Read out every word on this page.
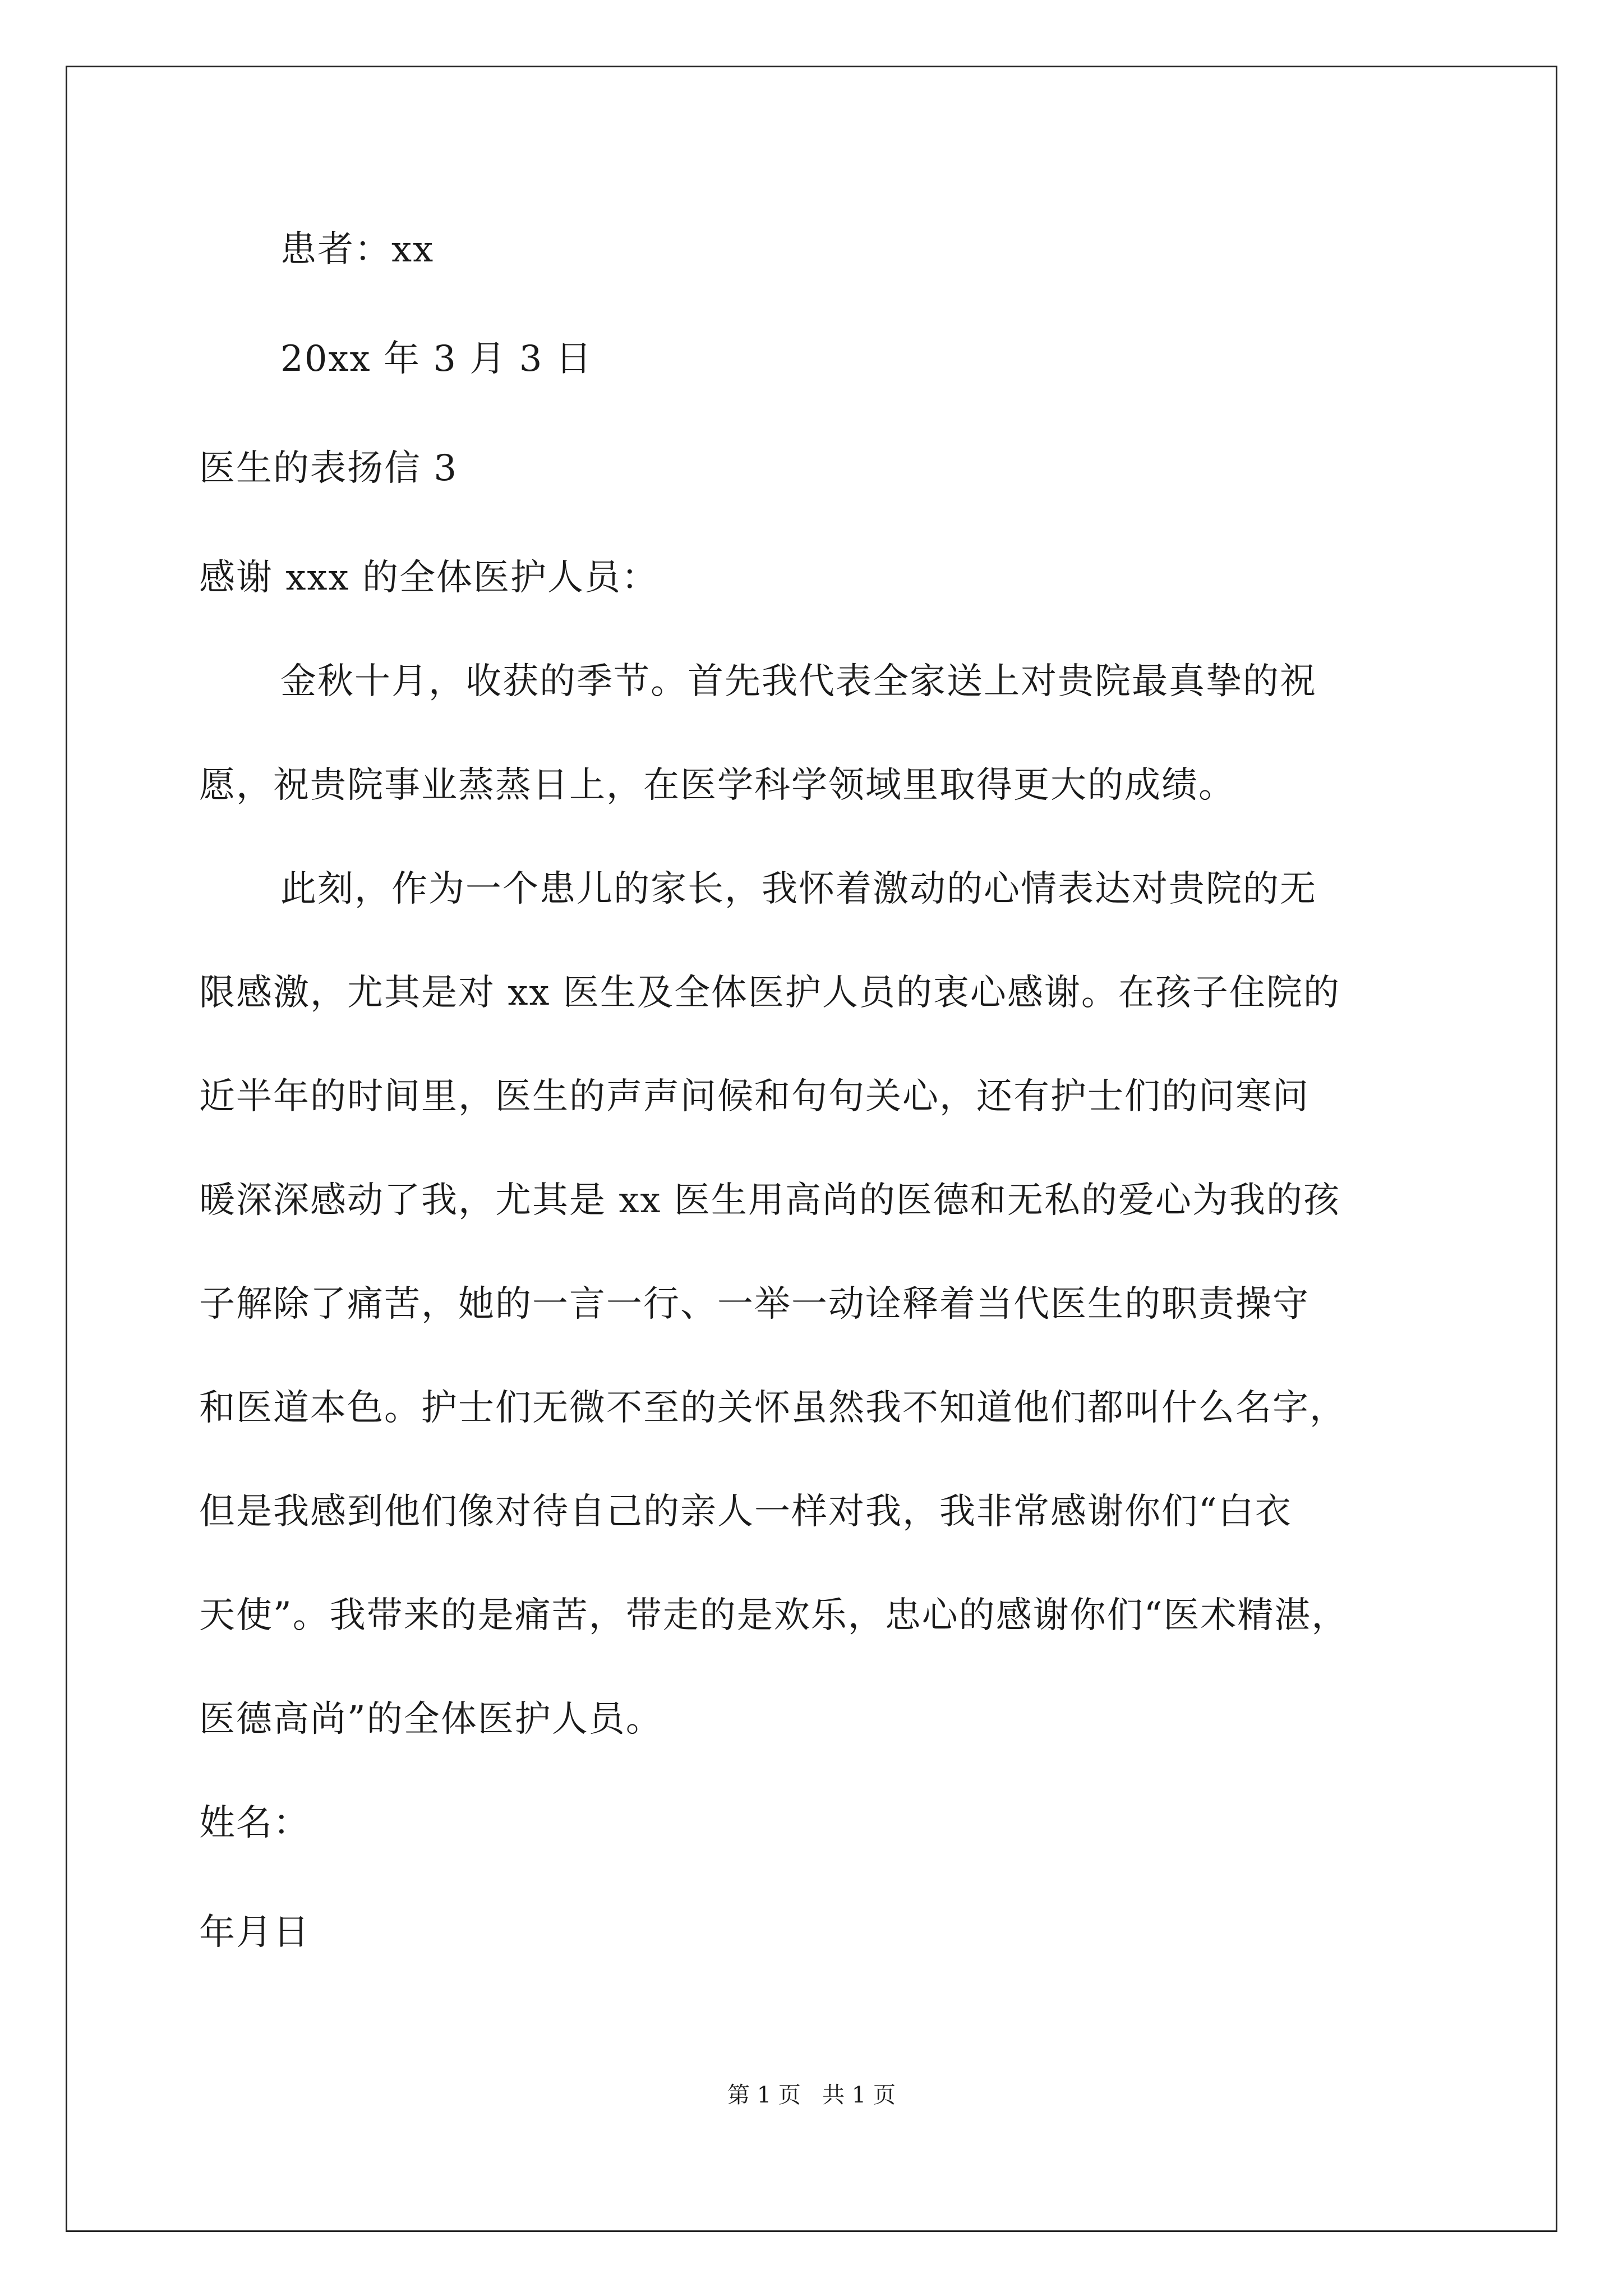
患者：xx
20xx 年 3 月 3 日
医生的表扬信 3
感谢 xxx 的全体医护人员：
金秋十月，收获的季节。首先我代表全家送上对贵院最真挚的祝
愿，祝贵院事业蒸蒸日上，在医学科学领域里取得更大的成绩。
此刻，作为一个患儿的家长，我怀着激动的心情表达对贵院的无
限感激，尤其是对 xx 医生及全体医护人员的衷心感谢。在孩子住院的
近半年的时间里，医生的声声问候和句句关心，还有护士们的问寒问
暖深深感动了我，尤其是 xx 医生用高尚的医德和无私的爱心为我的孩
子解除了痛苦，她的一言一行、一举一动诠释着当代医生的职责操守
和医道本色。护士们无微不至的关怀虽然我不知道他们都叫什么名字，
但是我感到他们像对待自己的亲人一样对我，我非常感谢你们“白衣
天使”。我带来的是痛苦，带走的是欢乐，忠心的感谢你们“医术精湛，
医德高尚”的全体医护人员。
姓名：
年月日
第 1 页   共 1 页
